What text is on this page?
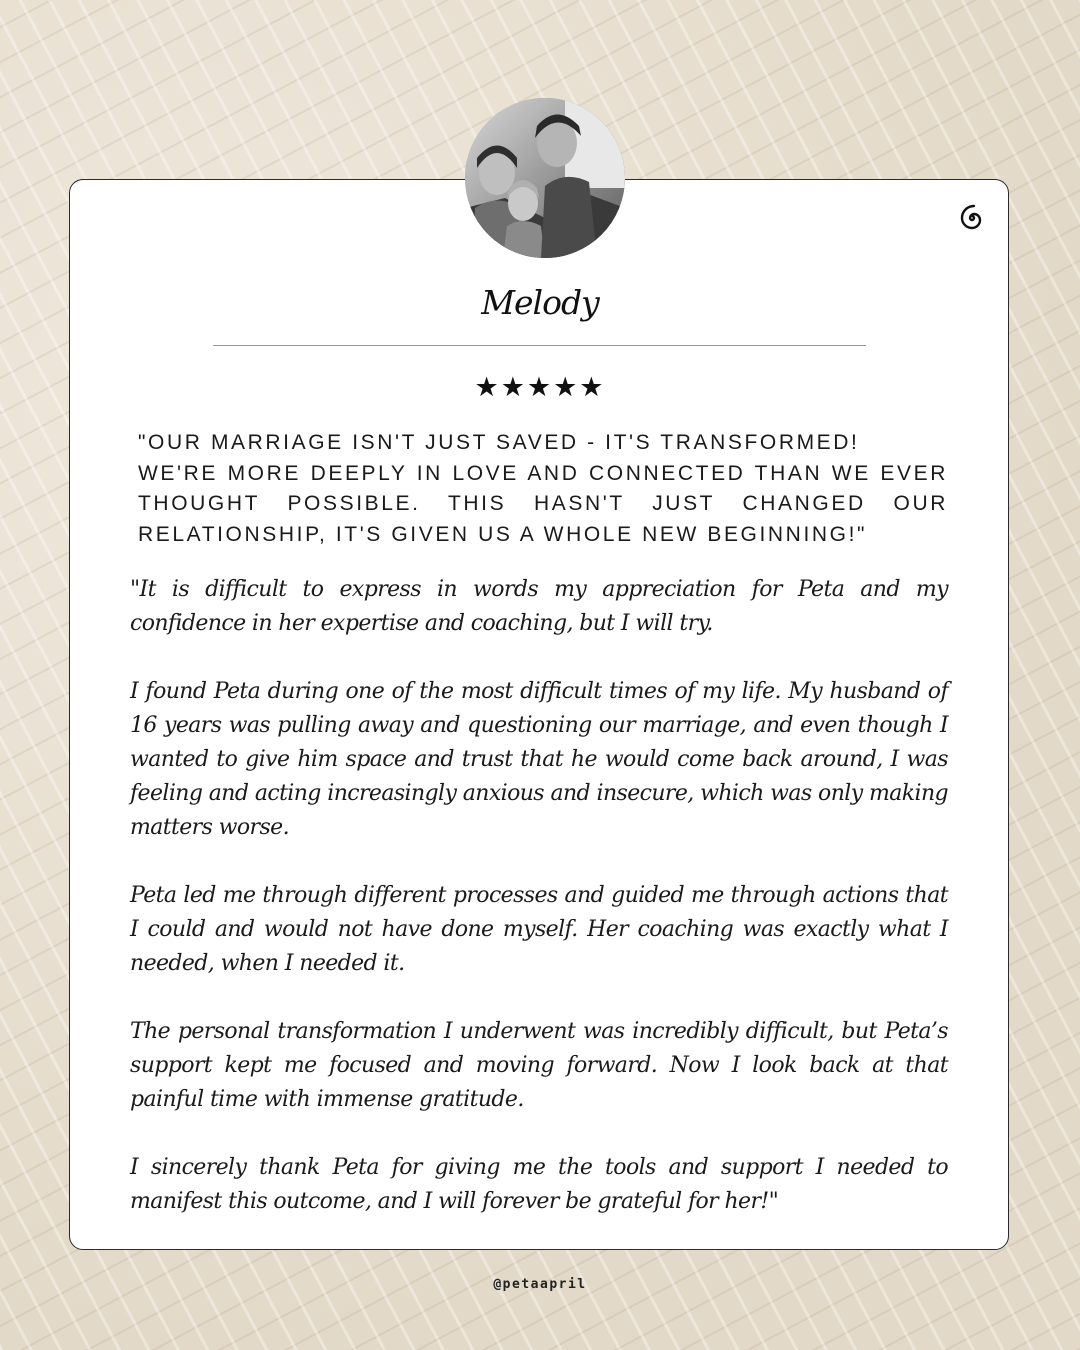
Melody
★★★★★
"OUR MARRIAGE ISN'T JUST SAVED - IT'S TRANSFORMED!
WE'RE MORE DEEPLY IN LOVE AND CONNECTED THAN WE EVER
THOUGHT POSSIBLE. THIS HASN'T JUST CHANGED OUR
RELATIONSHIP, IT'S GIVEN US A WHOLE NEW BEGINNING!"

"It is difficult to express in words my appreciation for Peta and my confidence in her expertise and coaching, but I will try.

I found Peta during one of the most difficult times of my life. My husband of 16 years was pulling away and questioning our marriage, and even though I wanted to give him space and trust that he would come back around, I was feeling and acting increasingly anxious and insecure, which was only making matters worse.

Peta led me through different processes and guided me through actions that I could and would not have done myself. Her coaching was exactly what I needed, when I needed it.

The personal transformation I underwent was incredibly difficult, but Peta’s support kept me focused and moving forward. Now I look back at that painful time with immense gratitude.

I sincerely thank Peta for giving me the tools and support I needed to manifest this outcome, and I will forever be grateful for her!"

@petaapril
